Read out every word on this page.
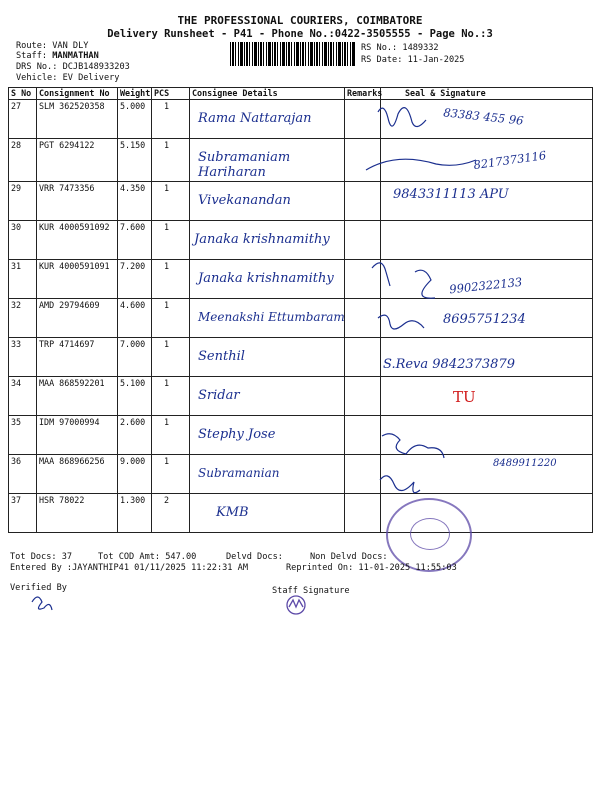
THE PROFESSIONAL COURIERS, COIMBATORE
Delivery Runsheet - P41 - Phone No.:0422-3505555 - Page No.:3
Route: VAN DLY
Staff: MANMATHAN
DRS No.: DCJB148933203
Vehicle: EV Delivery
RS No.: 1489332
RS Date: 11-Jan-2025
S No	Consignment No	Weight	PCS	Consignee Details	Remarks	Seal & Signature
27	SLM 362520358	5.000	1	Rama Nattarajan		83383 455 96

28	PGT 6294122	5.150	1	Subramaniam Hariharan		8217373116

29	VRR 7473356	4.350	1	Vivekanandan		9843311113 APU

30	KUR 4000591092	7.600	1	Janaka krishnamithy		

31	KUR 4000591091	7.200	1	Janaka krishnamithy		9902322133

32	AMD 29794609	4.600	1	Meenakshi Ettumbaram		8695751234

33	TRP 4714697	7.000	1	Senthil		S.Reva 9842373879

34	MAA 868592201	5.100	1	Sridar		TU

35	IDM 97000994	2.600	1	Stephy Jose		

36	MAA 868966256	9.000	1	Subramanian		8489911220

37	HSR 78022	1.300	2	KMB		

Tot Docs: 37	Tot COD Amt: 547.00	Delvd Docs:	Non Delvd Docs:
Entered By :JAYANTHIP41 01/11/2025 11:22:31 AM	Reprinted On: 11-01-2025 11:55:03
Verified By	Staff Signature
